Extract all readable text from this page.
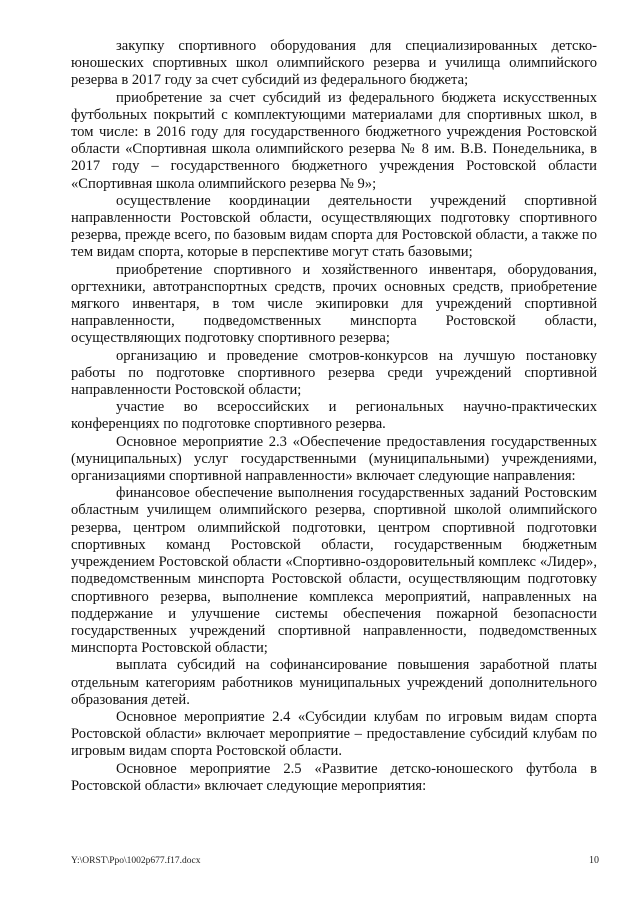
закупку спортивного оборудования для специализированных детско-юношеских спортивных школ олимпийского резерва и училища олимпийского резерва в 2017 году за счет субсидий из федерального бюджета;

приобретение за счет субсидий из федерального бюджета искусственных футбольных покрытий с комплектующими материалами для спортивных школ, в том числе: в 2016 году для государственного бюджетного учреждения Ростовской области «Спортивная школа олимпийского резерва № 8 им. В.В. Понедельника, в 2017 году – государственного бюджетного учреждения Ростовской области «Спортивная школа олимпийского резерва № 9»;

осуществление координации деятельности учреждений спортивной направленности Ростовской области, осуществляющих подготовку спортивного резерва, прежде всего, по базовым видам спорта для Ростовской области, а также по тем видам спорта, которые в перспективе могут стать базовыми;

приобретение спортивного и хозяйственного инвентаря, оборудования, оргтехники, автотранспортных средств, прочих основных средств, приобретение мягкого инвентаря, в том числе экипировки для учреждений спортивной направленности, подведомственных минспорта Ростовской области, осуществляющих подготовку спортивного резерва;

организацию и проведение смотров-конкурсов на лучшую постановку работы по подготовке спортивного резерва среди учреждений спортивной направленности Ростовской области;

участие во всероссийских и региональных научно-практических конференциях по подготовке спортивного резерва.

Основное мероприятие 2.3 «Обеспечение предоставления государственных (муниципальных) услуг государственными (муниципальными) учреждениями, организациями спортивной направленности» включает следующие направления:

финансовое обеспечение выполнения государственных заданий Ростовским областным училищем олимпийского резерва, спортивной школой олимпийского резерва, центром олимпийской подготовки, центром спортивной подготовки спортивных команд Ростовской области, государственным бюджетным учреждением Ростовской области «Спортивно-оздоровительный комплекс «Лидер», подведомственным минспорта Ростовской области, осуществляющим подготовку спортивного резерва, выполнение комплекса мероприятий, направленных на поддержание и улучшение системы обеспечения пожарной безопасности государственных учреждений спортивной направленности, подведомственных минспорта Ростовской области;

выплата субсидий на софинансирование повышения заработной платы отдельным категориям работников муниципальных учреждений дополнительного образования детей.

Основное мероприятие 2.4 «Субсидии клубам по игровым видам спорта Ростовской области» включает мероприятие – предоставление субсидий клубам по игровым видам спорта Ростовской области.

Основное мероприятие 2.5 «Развитие детско-юношеского футбола в Ростовской области» включает следующие мероприятия:

Y:\ORST\Ppo\1002p677.f17.docx	10
